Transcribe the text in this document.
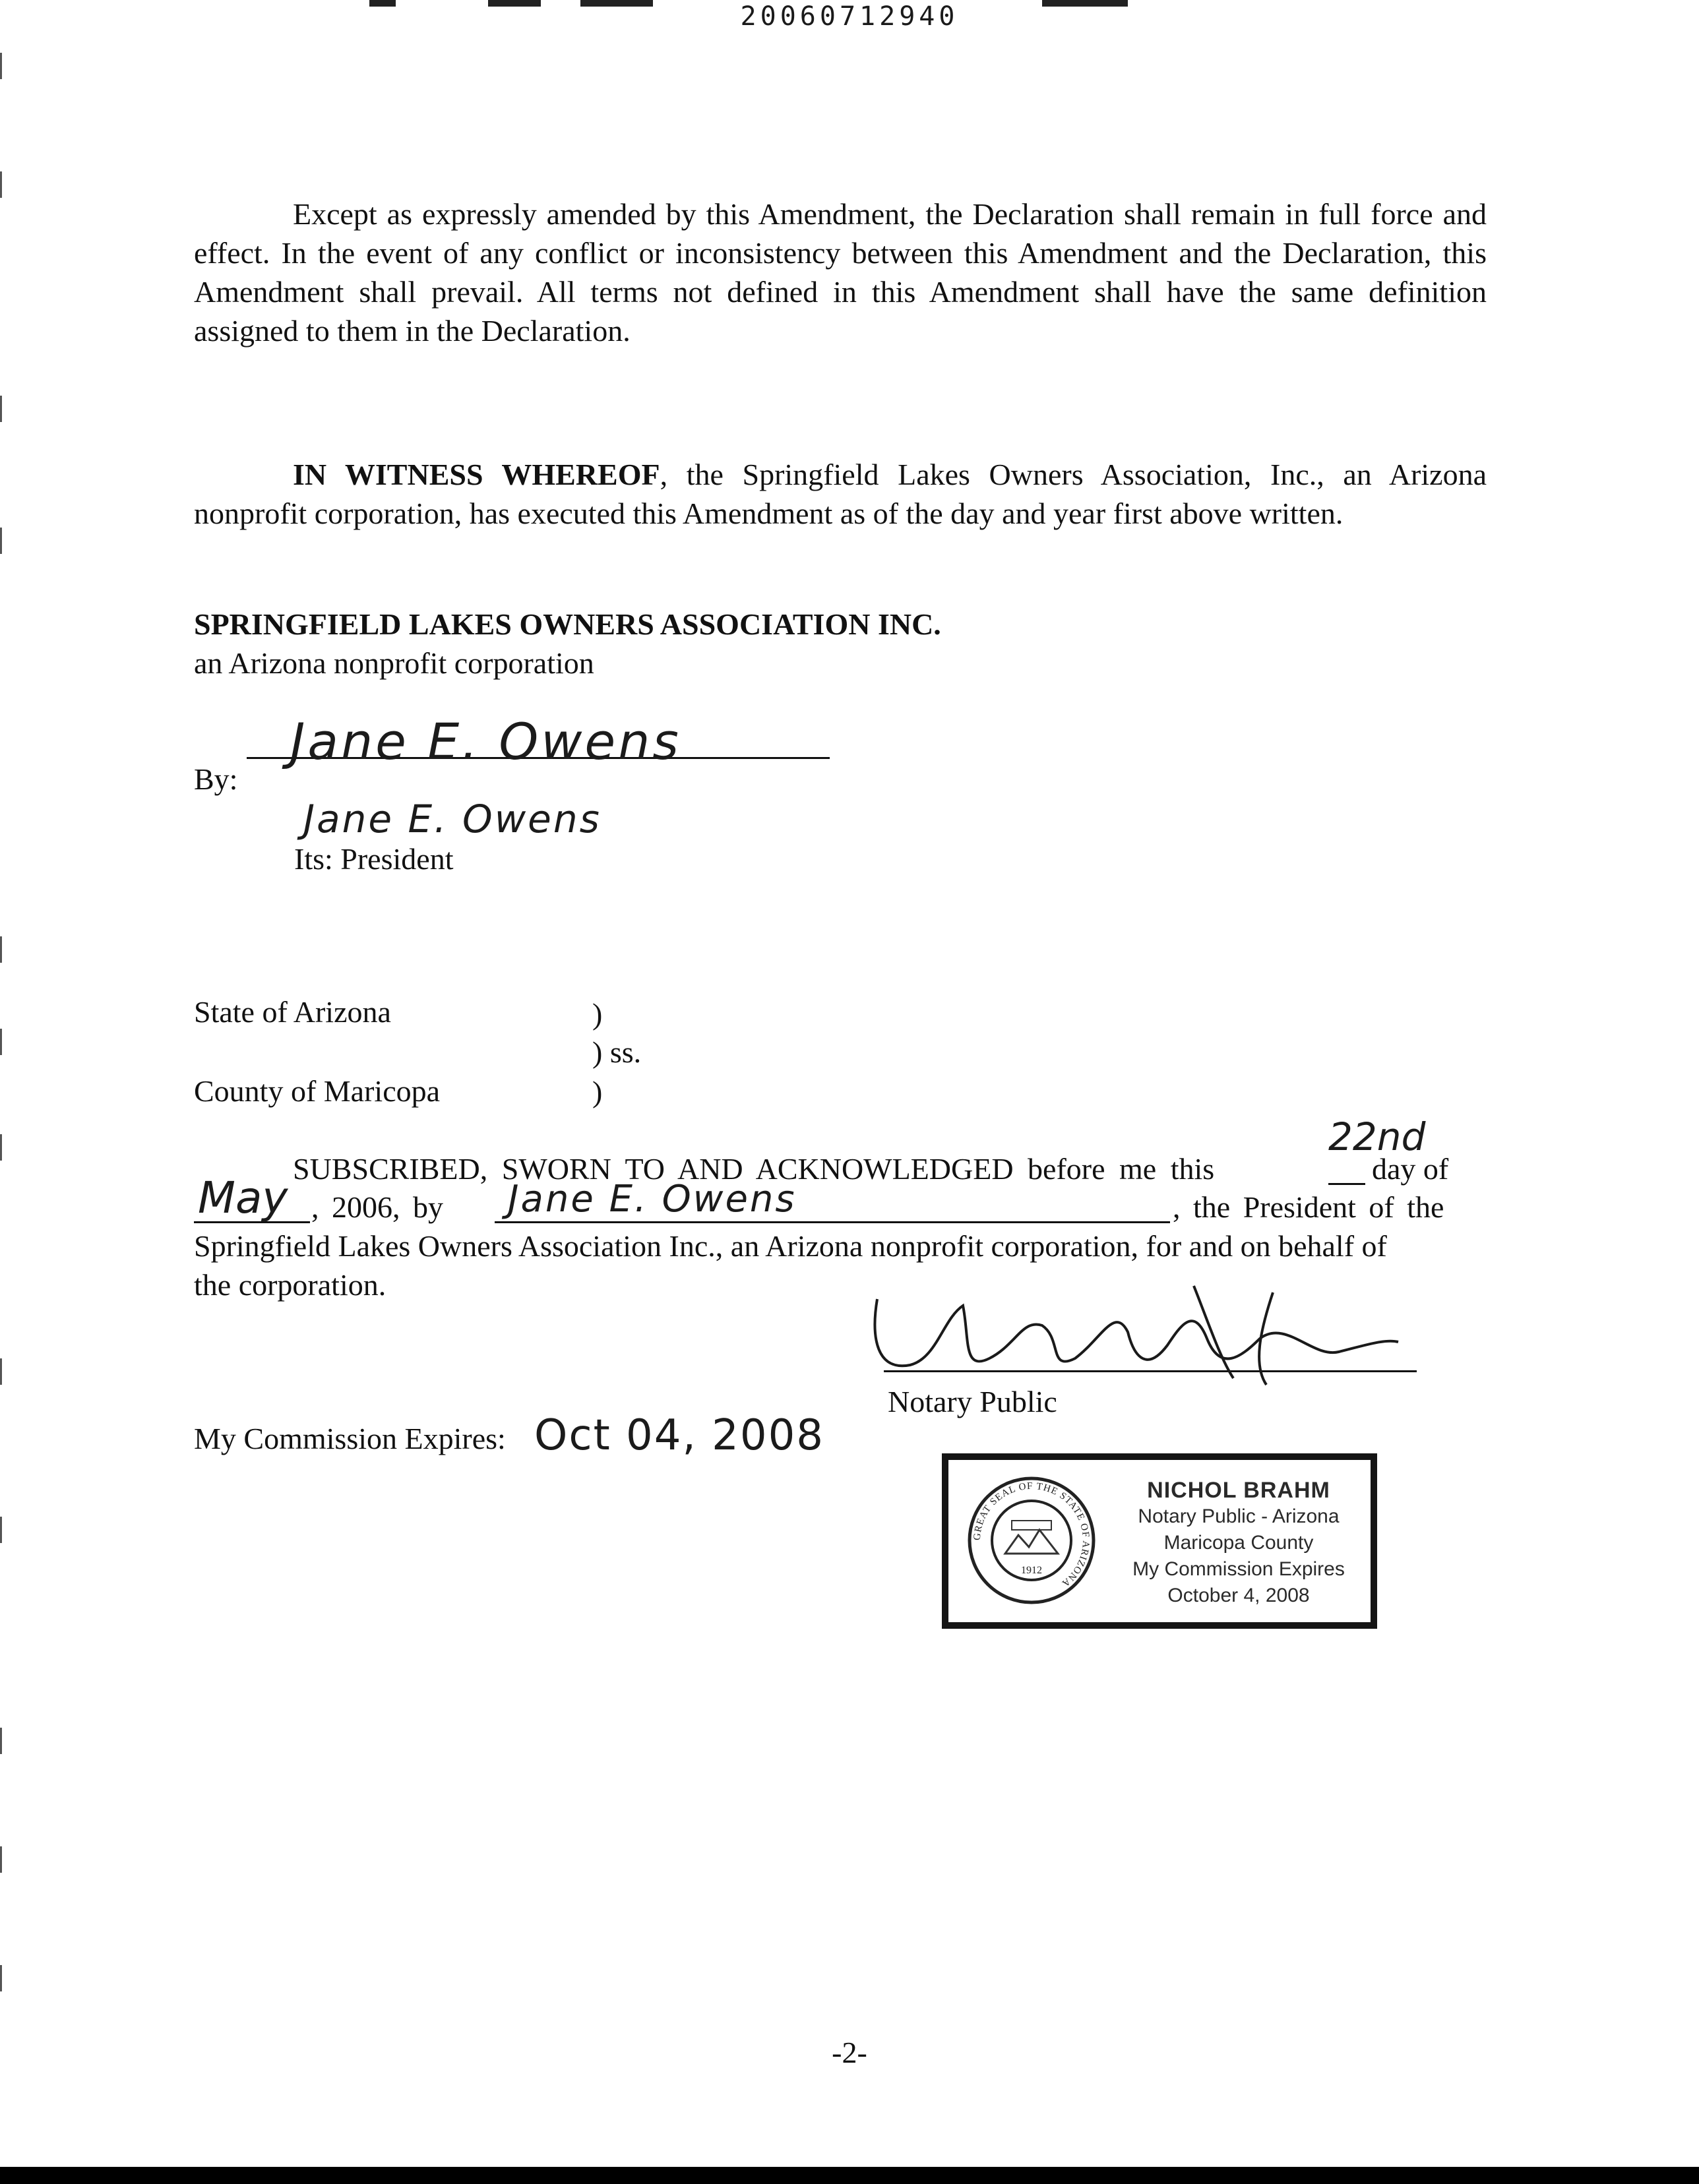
20060712940

Except as expressly amended by this Amendment, the Declaration shall remain in full force and effect. In the event of any conflict or inconsistency between this Amendment and the Declaration, this Amendment shall prevail. All terms not defined in this Amendment shall have the same definition assigned to them in the Declaration.

IN WITNESS WHEREOF, the Springfield Lakes Owners Association, Inc., an Arizona nonprofit corporation, has executed this Amendment as of the day and year first above written.

SPRINGFIELD LAKES OWNERS ASSOCIATION INC.
an Arizona nonprofit corporation
By:
Jane E. Owens
Jane E. Owens
Its: President
State of Arizona
County of Maricopa
)
) ss.
)
SUBSCRIBED, SWORN TO AND ACKNOWLEDGED before me this
22nd
day of
May , 2006, by Jane E. Owens	, the President of the
Springfield Lakes Owners Association Inc., an Arizona nonprofit corporation, for and on behalf of
the corporation.
Notary Public
My Commission Expires: Oct 04, 2008
GREAT SEAL OF THE STATE OF ARIZONA
1912
NICHOL BRAHM
Notary Public - Arizona
Maricopa County
My Commission Expires
October 4, 2008
-2-
